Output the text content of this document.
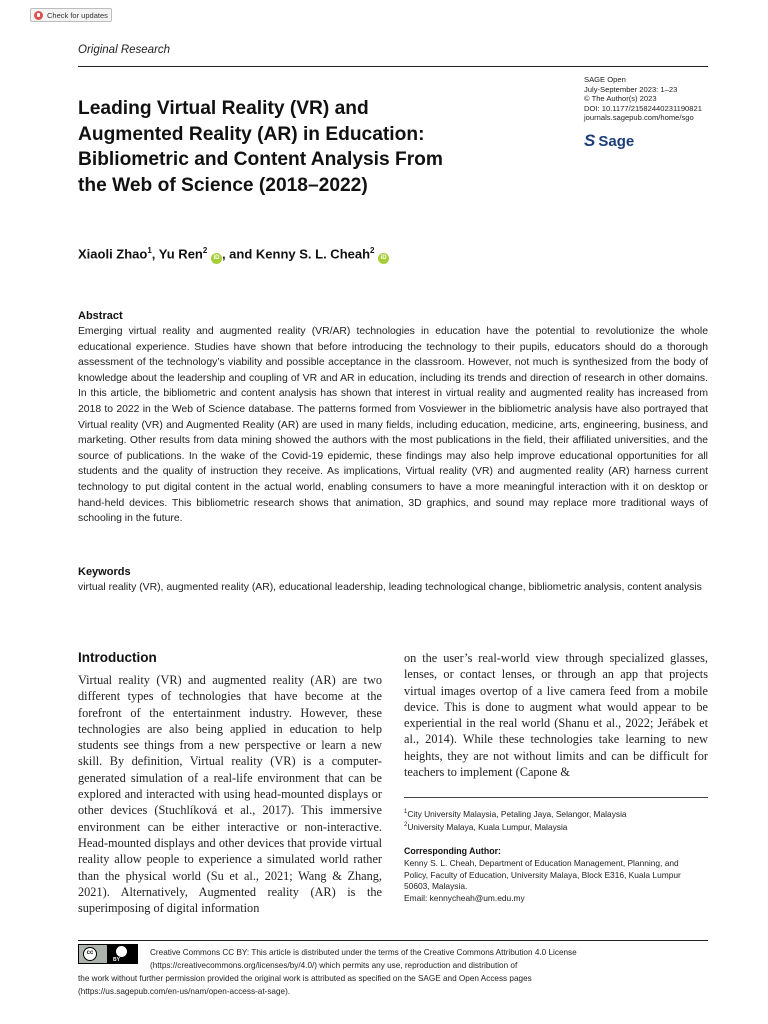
Check for updates
Original Research
Leading Virtual Reality (VR) and
Augmented Reality (AR) in Education:
Bibliometric and Content Analysis From
the Web of Science (2018–2022)
SAGE Open
July-September 2023: 1–23
© The Author(s) 2023
DOI: 10.1177/21582440231190821
journals.sagepub.com/home/sgo
S Sage
Xiaoli Zhao$^1$, Yu Ren$^2$ iD , and Kenny S. L. Cheah$^2$ iD
Abstract
Emerging virtual reality and augmented reality (VR/AR) technologies in education have the potential to revolutionize the whole educational experience. Studies have shown that before introducing the technology to their pupils, educators should do a thorough assessment of the technology’s viability and possible acceptance in the classroom. However, not much is synthesized from the body of knowledge about the leadership and coupling of VR and AR in education, including its trends and direction of research in other domains. In this article, the bibliometric and content analysis has shown that interest in virtual reality and augmented reality has increased from 2018 to 2022 in the Web of Science database. The patterns formed from Vosviewer in the bibliometric analysis have also portrayed that Virtual reality (VR) and Augmented Reality (AR) are used in many fields, including education, medicine, arts, engineering, business, and marketing. Other results from data mining showed the authors with the most publications in the field, their affiliated universities, and the source of publications. In the wake of the Covid-19 epidemic, these findings may also help improve educational opportunities for all students and the quality of instruction they receive. As implications, Virtual reality (VR) and augmented reality (AR) harness current technology to put digital content in the actual world, enabling consumers to have a more meaningful interaction with it on desktop or hand-held devices. This bibliometric research shows that animation, 3D graphics, and sound may replace more traditional ways of schooling in the future.
Keywords
virtual reality (VR), augmented reality (AR), educational leadership, leading technological change, bibliometric analysis, content analysis
Introduction
Virtual reality (VR) and augmented reality (AR) are two different types of technologies that have become at the forefront of the entertainment industry. However, these technologies are also being applied in education to help students see things from a new perspective or learn a new skill. By definition, Virtual reality (VR) is a computer-generated simulation of a real-life environment that can be explored and interacted with using head-mounted displays or other devices (Stuchlíková et al., 2017). This immersive environment can be either interactive or non-interactive. Head-mounted displays and other devices that provide virtual reality allow people to experience a simulated world rather than the physical world (Su et al., 2021; Wang & Zhang, 2021). Alternatively, Augmented reality (AR) is the superimposing of digital information
on the user’s real-world view through specialized glasses, lenses, or contact lenses, or through an app that projects virtual images overtop of a live camera feed from a mobile device. This is done to augment what would appear to be experiential in the real world (Shanu et al., 2022; Jeřábek et al., 2014). While these technologies take learning to new heights, they are not without limits and can be difficult for teachers to implement (Capone &
$^1$City University Malaysia, Petaling Jaya, Selangor, Malaysia
$^2$University Malaya, Kuala Lumpur, Malaysia
Corresponding Author:
Kenny S. L. Cheah, Department of Education Management, Planning, and
Policy, Faculty of Education, University Malaya, Block E316, Kuala Lumpur
50603, Malaysia.
Email: kennycheah@um.edu.my
cc
BY
Creative Commons CC BY: This article is distributed under the terms of the Creative Commons Attribution 4.0 License
(https://creativecommons.org/licenses/by/4.0/) which permits any use, reproduction and distribution of
the work without further permission provided the original work is attributed as specified on the SAGE and Open Access pages
(https://us.sagepub.com/en-us/nam/open-access-at-sage).
